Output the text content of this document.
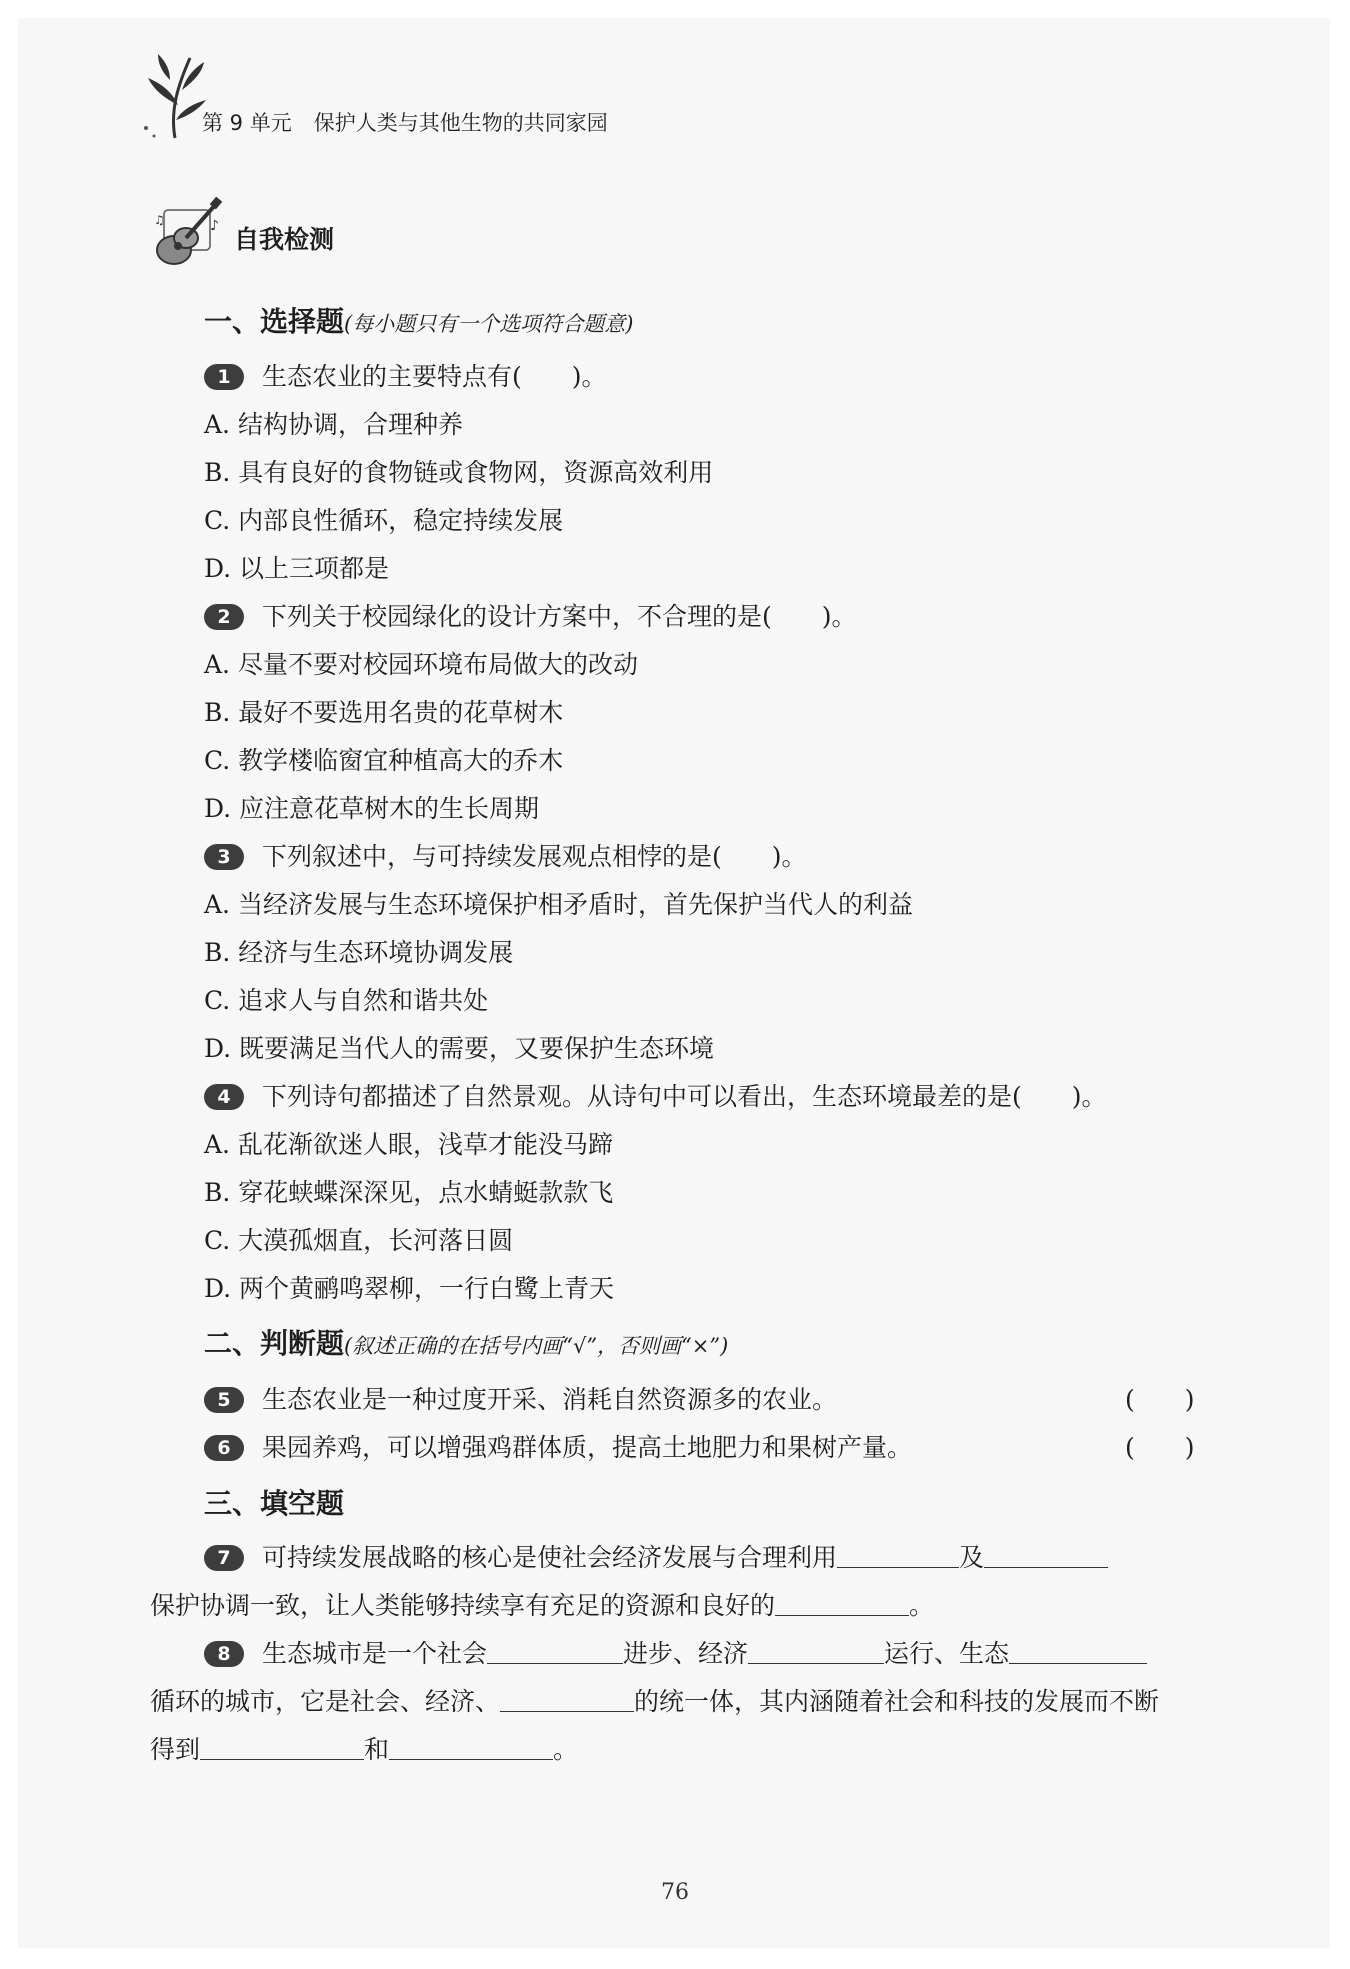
第 9 单元 保护人类与其他生物的共同家园
♪
♫
自我检测
一、选择题(每小题只有一个选项符合题意)
1 生态农业的主要特点有(　　)。
A. 结构协调，合理种养
B. 具有良好的食物链或食物网，资源高效利用
C. 内部良性循环，稳定持续发展
D. 以上三项都是
2 下列关于校园绿化的设计方案中，不合理的是(　　)。
A. 尽量不要对校园环境布局做大的改动
B. 最好不要选用名贵的花草树木
C. 教学楼临窗宜种植高大的乔木
D. 应注意花草树木的生长周期
3 下列叙述中，与可持续发展观点相悖的是(　　)。
A. 当经济发展与生态环境保护相矛盾时，首先保护当代人的利益
B. 经济与生态环境协调发展
C. 追求人与自然和谐共处
D. 既要满足当代人的需要，又要保护生态环境
4 下列诗句都描述了自然景观。从诗句中可以看出，生态环境最差的是(　　)。
A. 乱花渐欲迷人眼，浅草才能没马蹄
B. 穿花蛱蝶深深见，点水蜻蜓款款飞
C. 大漠孤烟直，长河落日圆
D. 两个黄鹂鸣翠柳，一行白鹭上青天
二、判断题(叙述正确的在括号内画“√”，否则画“×”)
5 生态农业是一种过度开采、消耗自然资源多的农业。	(　　)
6 果园养鸡，可以增强鸡群体质，提高土地肥力和果树产量。	(　　)
三、填空题
7 可持续发展战略的核心是使社会经济发展与合理利用	及
保护协调一致，让人类能够持续享有充足的资源和良好的	。
8 生态城市是一个社会	进步、经济	运行、生态
循环的城市，它是社会、经济、	的统一体，其内涵随着社会和科技的发展而不断
得到	和	。
76
